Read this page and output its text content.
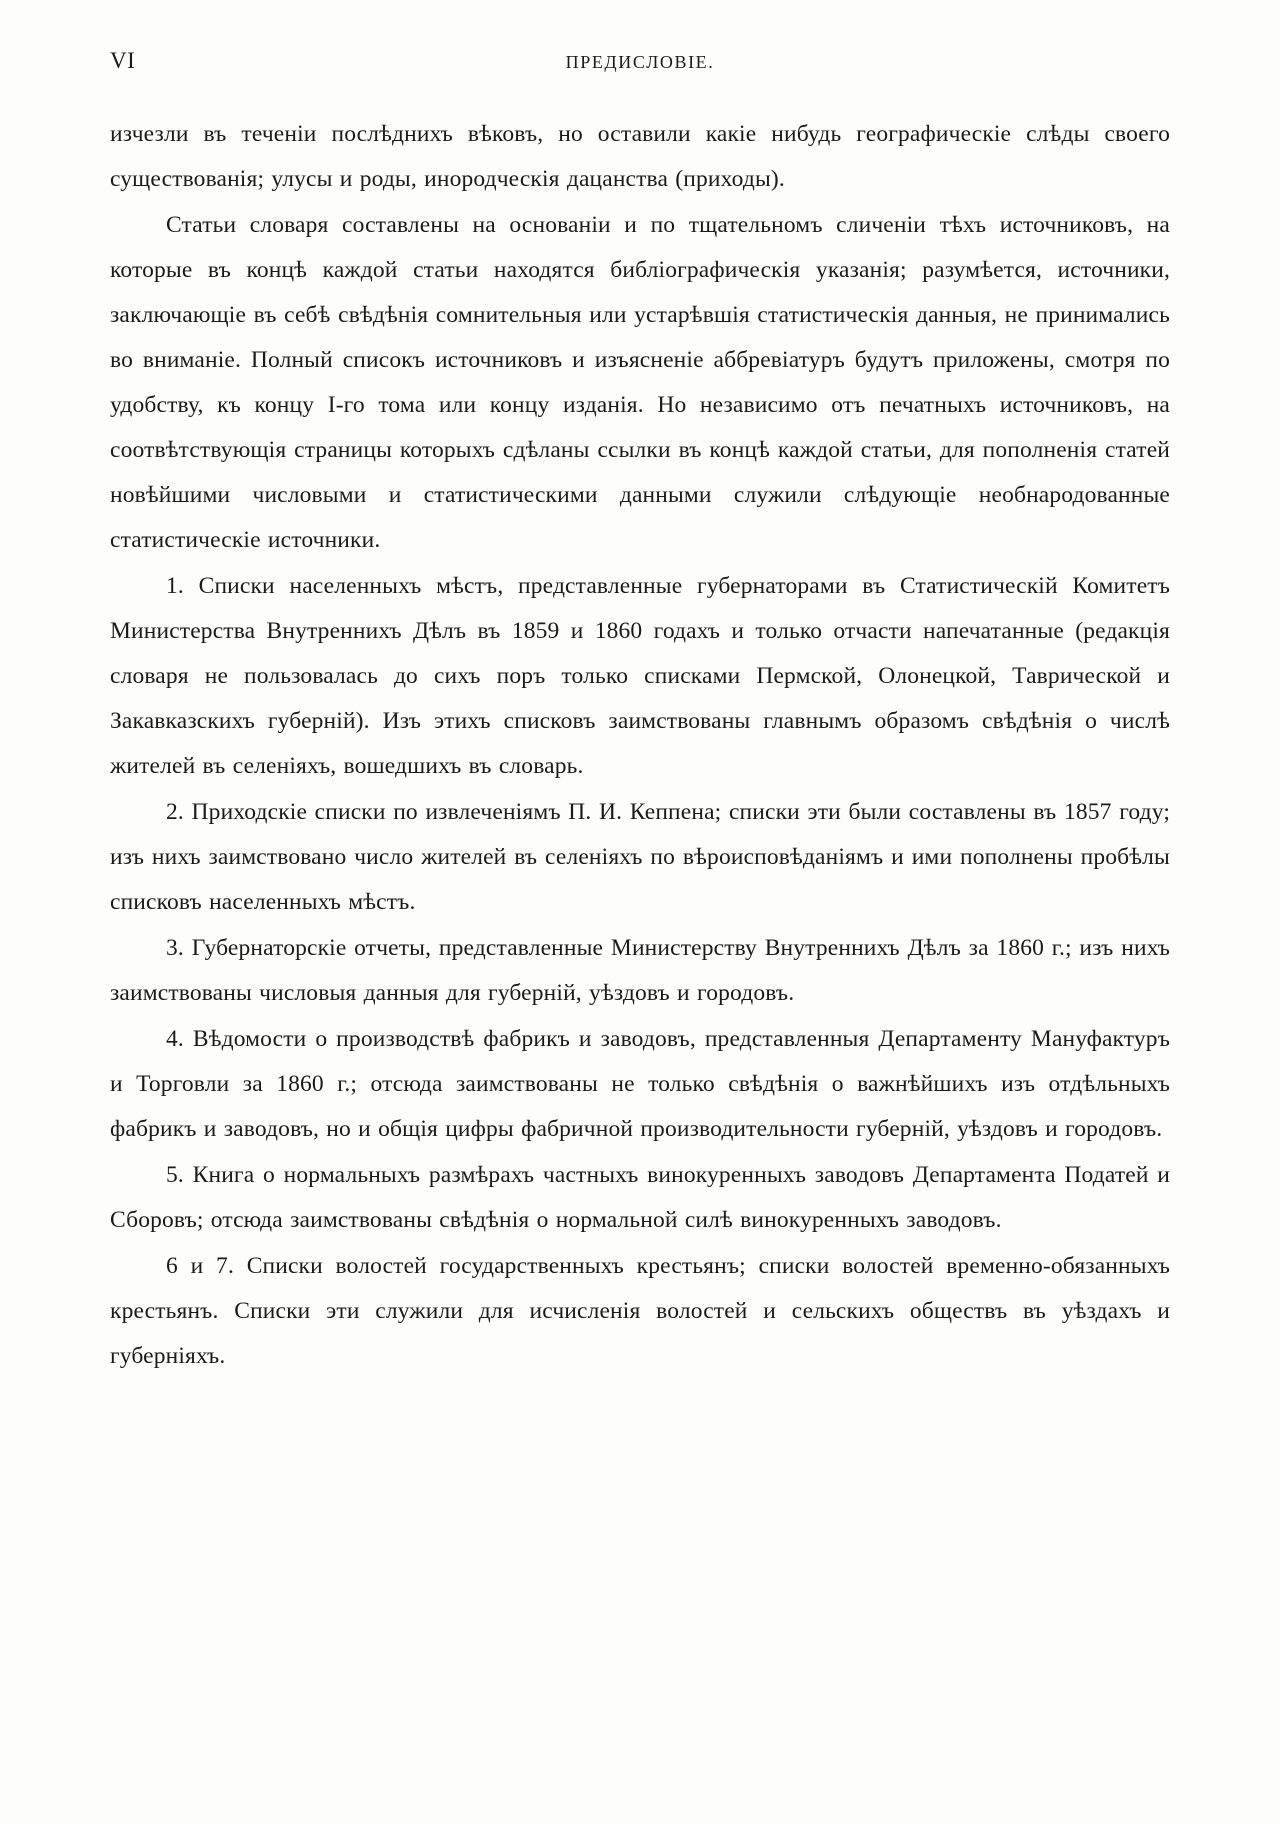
VI	ПРЕДИСЛОВІЕ.

изчезли въ теченіи послѣднихъ вѣковъ, но оставили какіе нибудь географическіе слѣды своего существованія; улусы и роды, инородческія дацанства (приходы).

Статьи словаря составлены на основаніи и по тщательномъ сличеніи тѣхъ источниковъ, на которые въ концѣ каждой статьи находятся библіографическія указанія; разумѣется, источники, заключающіе въ себѣ свѣдѣнія сомнительныя или устарѣвшія статистическія данныя, не принимались во вниманіе. Полный списокъ источниковъ и изъясненіе аббревіатуръ будутъ приложены, смотря по удобству, къ концу I-го тома или концу изданія. Но независимо отъ печатныхъ источниковъ, на соотвѣтствующія страницы которыхъ сдѣланы ссылки въ концѣ каждой статьи, для пополненія статей новѣйшими числовыми и статистическими данными служили слѣдующіе необнародованные статистическіе источники.

1. Списки населенныхъ мѣстъ, представленные губернаторами въ Статистическій Комитетъ Министерства Внутреннихъ Дѣлъ въ 1859 и 1860 годахъ и только отчасти напечатанные (редакція словаря не пользовалась до сихъ поръ только списками Пермской, Олонецкой, Таврической и Закавказскихъ губерній). Изъ этихъ списковъ заимствованы главнымъ образомъ свѣдѣнія о числѣ жителей въ селеніяхъ, вошедшихъ въ словарь.

2. Приходскіе списки по извлеченіямъ П. И. Кеппена; списки эти были составлены въ 1857 году; изъ нихъ заимствовано число жителей въ селеніяхъ по вѣроисповѣданіямъ и ими пополнены пробѣлы списковъ населенныхъ мѣстъ.

3. Губернаторскіе отчеты, представленные Министерству Внутреннихъ Дѣлъ за 1860 г.; изъ нихъ заимствованы числовыя данныя для губерній, уѣздовъ и городовъ.

4. Вѣдомости о производствѣ фабрикъ и заводовъ, представленныя Департаменту Мануфактуръ и Торговли за 1860 г.; отсюда заимствованы не только свѣдѣнія о важнѣйшихъ изъ отдѣльныхъ фабрикъ и заводовъ, но и общія цифры фабричной производительности губерній, уѣздовъ и городовъ.

5. Книга о нормальныхъ размѣрахъ частныхъ винокуренныхъ заводовъ Департамента Податей и Сборовъ; отсюда заимствованы свѣдѣнія о нормальной силѣ винокуренныхъ заводовъ.

6 и 7. Списки волостей государственныхъ крестьянъ; списки волостей временно-обязанныхъ крестьянъ. Списки эти служили для исчисленія волостей и сельскихъ обществъ въ уѣздахъ и губерніяхъ.
